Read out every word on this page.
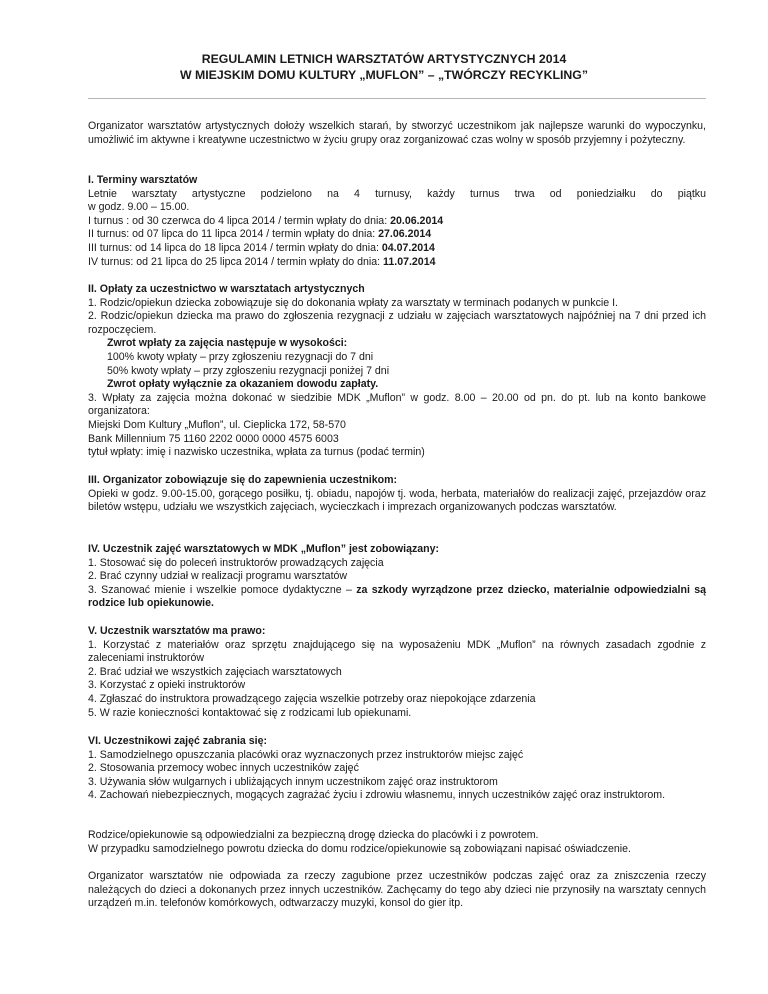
REGULAMIN LETNICH WARSZTATÓW ARTYSTYCZNYCH 2014
W MIEJSKIM DOMU KULTURY „MUFLON” – „TWÓRCZY RECYKLING”
Organizator warsztatów artystycznych dołoży wszelkich starań, by stworzyć uczestnikom jak najlepsze warunki do wypoczynku, umożliwić im aktywne i kreatywne uczestnictwo w życiu grupy oraz zorganizować czas wolny w sposób przyjemny i pożyteczny.
I. Terminy warsztatów
Letnie warsztaty artystyczne podzielono na 4 turnusy, każdy turnus trwa od poniedziałku do piątku
w godz. 9.00 – 15.00.
I turnus : od 30 czerwca do 4 lipca 2014 / termin wpłaty do dnia: 20.06.2014
II turnus: od 07 lipca do 11 lipca 2014 / termin wpłaty do dnia: 27.06.2014
III turnus: od 14 lipca do 18 lipca 2014 / termin wpłaty do dnia: 04.07.2014
IV turnus: od 21 lipca do 25 lipca 2014 / termin wpłaty do dnia: 11.07.2014
II. Opłaty za uczestnictwo w warsztatach artystycznych
1. Rodzic/opiekun dziecka zobowiązuje się do dokonania wpłaty za warsztaty w terminach podanych w punkcie I.

2. Rodzic/opiekun dziecka ma prawo do zgłoszenia rezygnacji z udziału w zajęciach warsztatowych najpóźniej na 7 dni przed ich rozpoczęciem.

Zwrot wpłaty za zajęcia następuje w wysokości:
100% kwoty wpłaty – przy zgłoszeniu rezygnacji do 7 dni
50% kwoty wpłaty – przy zgłoszeniu rezygnacji poniżej 7 dni
Zwrot opłaty wyłącznie za okazaniem dowodu zapłaty.

3. Wpłaty za zajęcia można dokonać w siedzibie MDK „Muflon” w godz. 8.00 – 20.00 od pn. do pt. lub na konto bankowe organizatora:

Miejski Dom Kultury „Muflon”, ul. Cieplicka 172, 58-570
Bank Millennium 75 1160 2202 0000 0000 4575 6003
tytuł wpłaty: imię i nazwisko uczestnika, wpłata za turnus (podać termin)
III. Organizator zobowiązuje się do zapewnienia uczestnikom:

Opieki w godz. 9.00-15.00, gorącego posiłku, tj. obiadu, napojów tj. woda, herbata, materiałów do realizacji zajęć, przejazdów oraz biletów wstępu, udziału we wszystkich zajęciach, wycieczkach i imprezach organizowanych podczas warsztatów.

IV. Uczestnik zajęć warsztatowych w MDK „Muflon” jest zobowiązany:
1. Stosować się do poleceń instruktorów prowadzących zajęcia
2. Brać czynny udział w realizacji programu warsztatów

3. Szanować mienie i wszelkie pomoce dydaktyczne – za szkody wyrządzone przez dziecko, materialnie odpowiedzialni są rodzice lub opiekunowie.

V. Uczestnik warsztatów ma prawo:

1. Korzystać z materiałów oraz sprzętu znajdującego się na wyposażeniu MDK „Muflon” na równych zasadach zgodnie z zaleceniami instruktorów

2. Brać udział we wszystkich zajęciach warsztatowych
3. Korzystać z opieki instruktorów
4. Zgłaszać do instruktora prowadzącego zajęcia wszelkie potrzeby oraz niepokojące zdarzenia
5. W razie konieczności kontaktować się z rodzicami lub opiekunami.
VI. Uczestnikowi zajęć zabrania się:
1. Samodzielnego opuszczania placówki oraz wyznaczonych przez instruktorów miejsc zajęć
2. Stosowania przemocy wobec innych uczestników zajęć
3. Używania słów wulgarnych i ubliżających innym uczestnikom zajęć oraz instruktorom
4. Zachowań niebezpiecznych, mogących zagrażać życiu i zdrowiu własnemu, innych uczestników zajęć oraz instruktorom.
Rodzice/opiekunowie są odpowiedzialni za bezpieczną drogę dziecka do placówki i z powrotem.
W przypadku samodzielnego powrotu dziecka do domu rodzice/opiekunowie są zobowiązani napisać oświadczenie.
Organizator warsztatów nie odpowiada za rzeczy zagubione przez uczestników podczas zajęć oraz za zniszczenia rzeczy należących do dzieci a dokonanych przez innych uczestników. Zachęcamy do tego aby dzieci nie przynosiły na warsztaty cennych urządzeń m.in. telefonów komórkowych, odtwarzaczy muzyki, konsol do gier itp.
